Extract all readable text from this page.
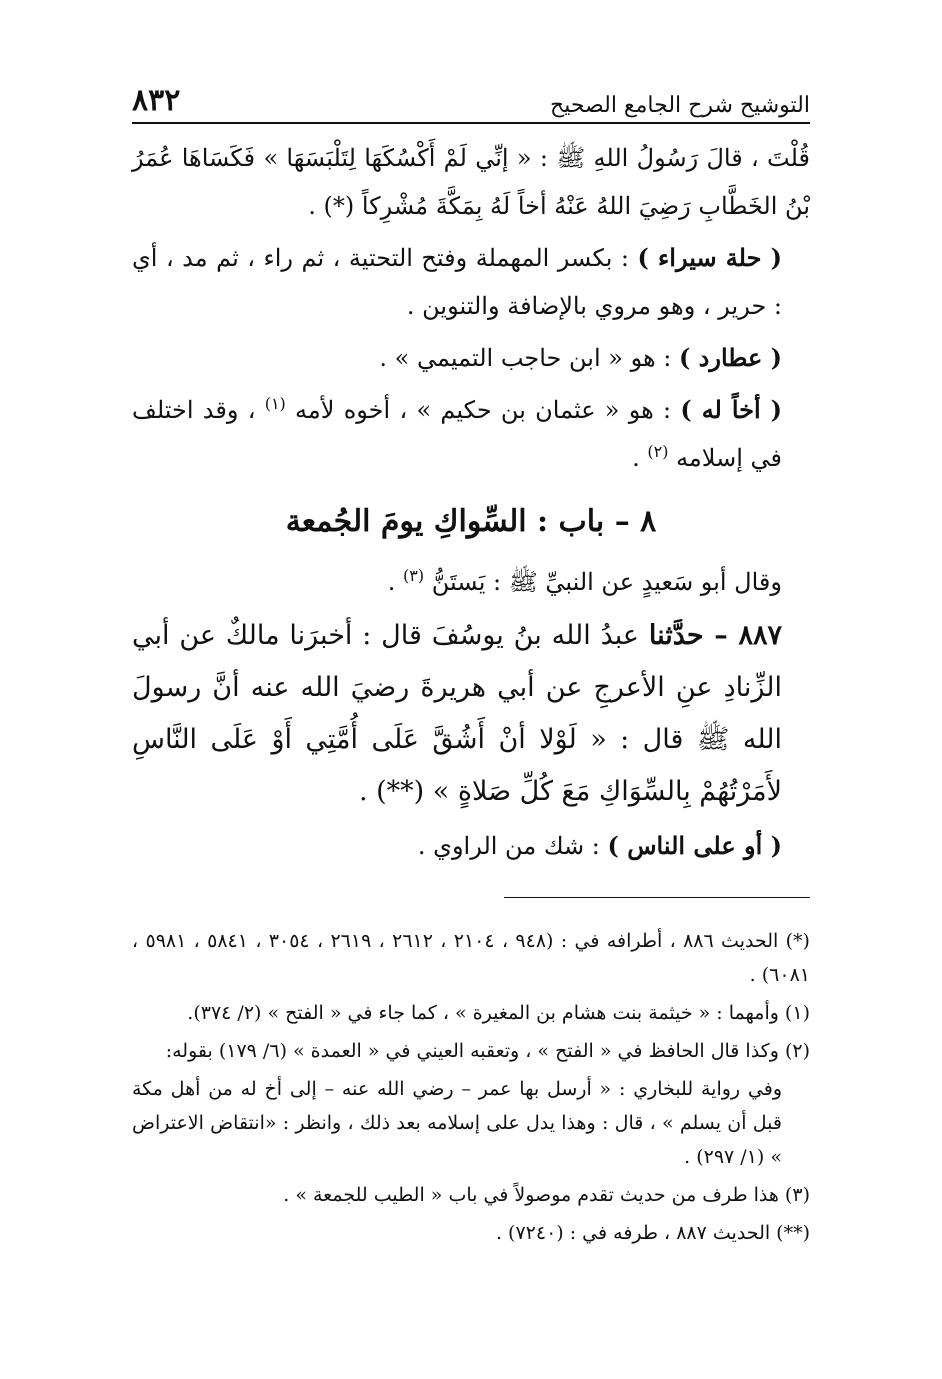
التوشيح شرح الجامع الصحيح
٨٣٢

قُلْتَ ، قالَ رَسُولُ اللهِ ﷺ : « إنِّي لَمْ أَكْسُكَهَا لِتَلْبَسَهَا » فَكَسَاهَا عُمَرُ بْنُ الخَطَّابِ رَضِيَ اللهُ عَنْهُ أخاً لَهُ بِمَكَّةَ مُشْرِكاً (*) .

( حلة سيراء ) : بكسر المهملة وفتح التحتية ، ثم راء ، ثم مد ، أي : حرير ، وهو مروي بالإضافة والتنوين .

( عطارد ) : هو « ابن حاجب التميمي » .

( أخاً له ) : هو « عثمان بن حكيم » ، أخوه لأمه $^{(١)}$ ، وقد اختلف في إسلامه $^{(٢)}$ .

٨ – باب : السِّواكِ يومَ الجُمعة

وقال أبو سَعيدٍ عن النبيِّ ﷺ : يَستَنُّ $^{(٣)}$ .

٨٨٧ – حدَّثنا عبدُ الله بنُ يوسُفَ قال : أخبرَنا مالكٌ عن أبي الزِّنادِ عنِ الأعرجِ عن أبي هريرةَ رضيَ الله عنه أنَّ رسولَ الله ﷺ قال : « لَوْلا أنْ أَشُقَّ عَلَى أُمَّتِي أَوْ عَلَى النَّاسِ لأَمَرْتُهُمْ بِالسِّوَاكِ مَعَ كُلِّ صَلاةٍ » (**) .

( أو على الناس ) : شك من الراوي .

(*) الحديث ٨٨٦ ، أطرافه في : (٩٤٨ ، ٢١٠٤ ، ٢٦١٢ ، ٢٦١٩ ، ٣٠٥٤ ، ٥٨٤١ ، ٥٩٨١ ، ٦٠٨١) .

(١) وأمهما : « خيثمة بنت هشام بن المغيرة » ، كما جاء في « الفتح » (٢/ ٣٧٤).

(٢) وكذا قال الحافظ في « الفتح » ، وتعقبه العيني في « العمدة » (٦/ ١٧٩) بقوله:

وفي رواية للبخاري : « أرسل بها عمر – رضي الله عنه – إلى أخ له من أهل مكة قبل أن يسلم » ، قال : وهذا يدل على إسلامه بعد ذلك ، وانظر : «انتقاض الاعتراض » (١/ ٢٩٧) .

(٣) هذا طرف من حديث تقدم موصولاً في باب « الطيب للجمعة » .

(**) الحديث ٨٨٧ ، طرفه في : (٧٢٤٠) .
